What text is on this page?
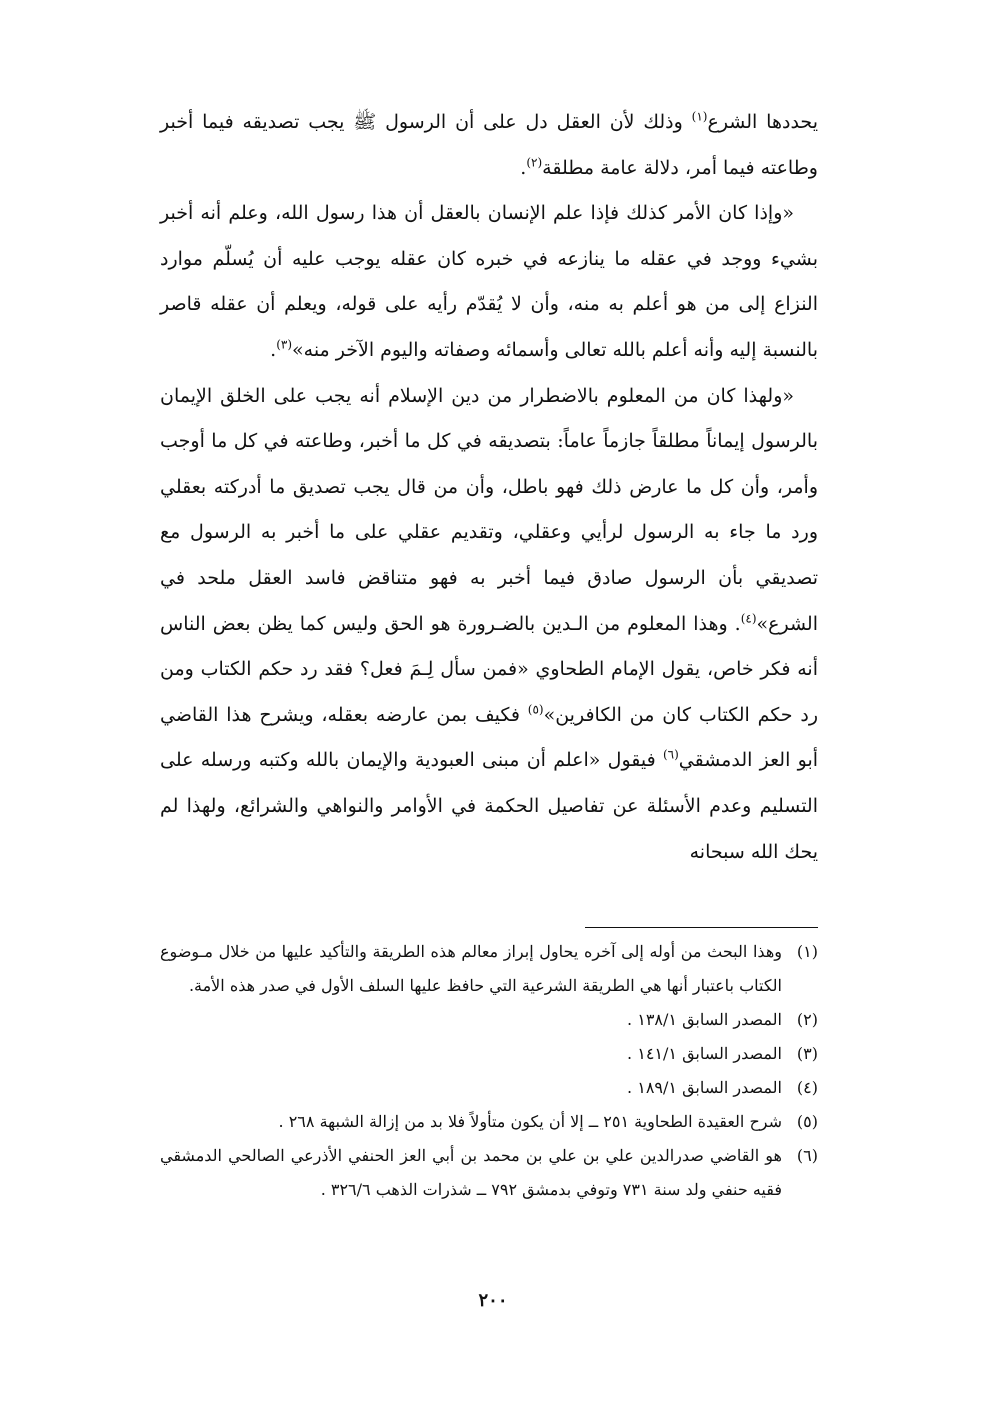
يحددها الشرع$^{(١)}$ وذلك لأن العقل دل على أن الرسول ﷺ يجب تصديقه فيما أخبر وطاعته فيما أمر، دلالة عامة مطلقة$^{(٢)}$.

«وإذا كان الأمر كذلك فإذا علم الإنسان بالعقل أن هذا رسول الله، وعلم أنه أخبر بشيء ووجد في عقله ما ينازعه في خبره كان عقله يوجب عليه أن يُسلّم موارد النزاع إلى من هو أعلم به منه، وأن لا يُقدّم رأيه على قوله، ويعلم أن عقله قاصر بالنسبة إليه وأنه أعلم بالله تعالى وأسمائه وصفاته واليوم الآخر منه»$^{(٣)}$.

«ولهذا كان من المعلوم بالاضطرار من دين الإسلام أنه يجب على الخلق الإيمان بالرسول إيماناً مطلقاً جازماً عاماً: بتصديقه في كل ما أخبر، وطاعته في كل ما أوجب وأمر، وأن كل ما عارض ذلك فهو باطل، وأن من قال يجب تصديق ما أدركته بعقلي ورد ما جاء به الرسول لرأيي وعقلي، وتقديم عقلي على ما أخبر به الرسول مع تصديقي بأن الرسول صادق فيما أخبر به فهو متناقض فاسد العقل ملحد في الشرع»$^{(٤)}$. وهذا المعلوم من الـدين بالضـرورة هو الحق وليس كما يظن بعض الناس أنه فكر خاص، يقول الإمام الطحاوي «فمن سأل لِـمَ فعل؟ فقد رد حكم الكتاب ومن رد حكم الكتاب كان من الكافرين»$^{(٥)}$ فكيف بمن عارضه بعقله، ويشرح هذا القاضي أبو العز الدمشقي$^{(٦)}$ فيقول «اعلم أن مبنى العبودية والإيمان بالله وكتبه ورسله على التسليم وعدم الأسئلة عن تفاصيل الحكمة في الأوامر والنواهي والشرائع، ولهذا لم يحك الله سبحانه

(١)
وهذا البحث من أوله إلى آخره يحاول إبراز معالم هذه الطريقة والتأكيد عليها من خلال مـوضوع الكتاب باعتبار أنها هي الطريقة الشرعية التي حافظ عليها السلف الأول في صدر هذه الأمة.
(٢)
المصدر السابق ١٣٨/١ .
(٣)
المصدر السابق ١٤١/١ .
(٤)
المصدر السابق ١٨٩/١ .
(٥)
شرح العقيدة الطحاوية ٢٥١ ــ إلا أن يكون متأولاً فلا بد من إزالة الشبهة ٢٦٨ .
(٦)
هو القاضي صدرالدين علي بن علي بن محمد بن أبي العز الحنفي الأذرعي الصالحي الدمشقي فقيه حنفي ولد سنة ٧٣١ وتوفي بدمشق ٧٩٢ ــ شذرات الذهب ٣٢٦/٦ .
٢٠٠
